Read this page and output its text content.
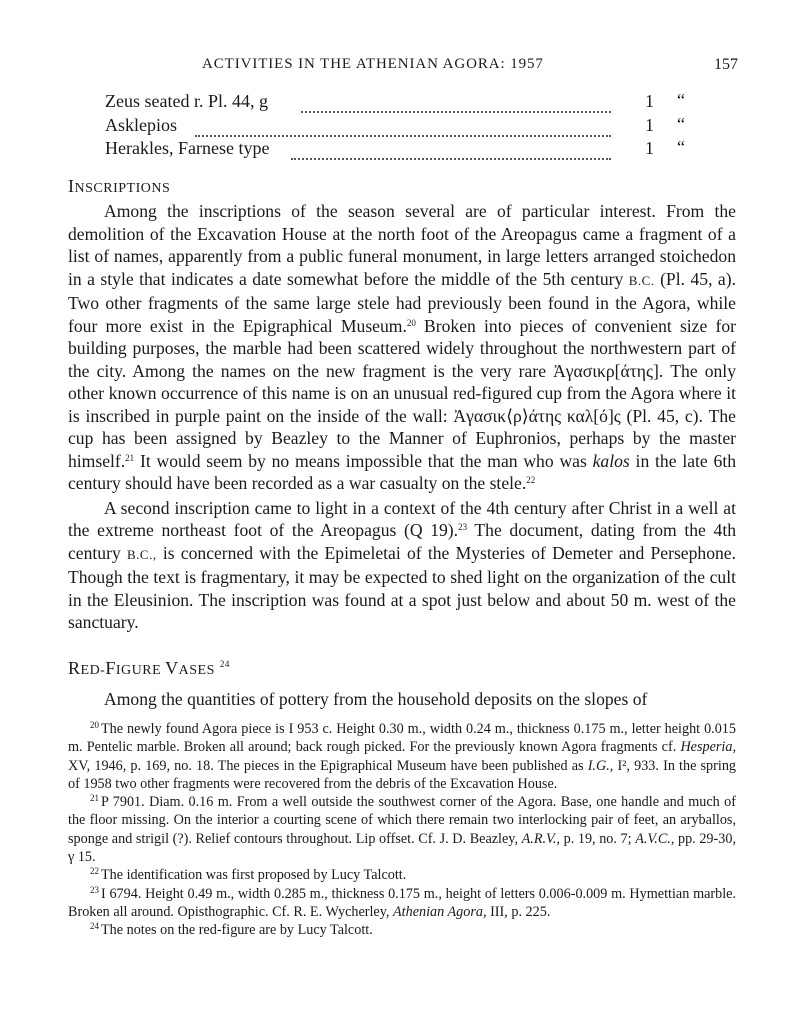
ACTIVITIES IN THE ATHENIAN AGORA: 1957	157
Zeus seated r. Pl. 44, g	1 “
Asklepios	1 “
Herakles, Farnese type	1 “
INSCRIPTIONS

Among the inscriptions of the season several are of particular interest. From the demolition of the Excavation House at the north foot of the Areopagus came a fragment of a list of names, apparently from a public funeral monument, in large letters arranged stoichedon in a style that indicates a date somewhat before the middle of the 5th century B.C. (Pl. 45, a). Two other fragments of the same large stele had previously been found in the Agora, while four more exist in the Epigraphical Museum.$^{20}$ Broken into pieces of convenient size for building purposes, the marble had been scattered widely throughout the northwestern part of the city. Among the names on the new fragment is the very rare Ἀγασικρ[άτης]. The only other known occurrence of this name is on an unusual red-figured cup from the Agora where it is inscribed in purple paint on the inside of the wall: Ἀγασικ⟨ρ⟩άτης καλ[ό]ς (Pl. 45, c). The cup has been assigned by Beazley to the Manner of Euphronios, perhaps by the master himself.$^{21}$ It would seem by no means impossible that the man who was kalos in the late 6th century should have been recorded as a war casualty on the stele.$^{22}$

A second inscription came to light in a context of the 4th century after Christ in a well at the extreme northeast foot of the Areopagus (Q 19).$^{23}$ The document, dating from the 4th century B.C., is concerned with the Epimeletai of the Mysteries of Demeter and Persephone. Though the text is fragmentary, it may be expected to shed light on the organization of the cult in the Eleusinion. The inscription was found at a spot just below and about 50 m. west of the sanctuary.

RED-FIGURE VASES $^{24}$

Among the quantities of pottery from the household deposits on the slopes of

$^{20}$ The newly found Agora piece is I 953 c. Height 0.30 m., width 0.24 m., thickness 0.175 m., letter height 0.015 m. Pentelic marble. Broken all around; back rough picked. For the previously known Agora fragments cf. Hesperia, XV, 1946, p. 169, no. 18. The pieces in the Epigraphical Museum have been published as I.G., I², 933. In the spring of 1958 two other fragments were recovered from the debris of the Excavation House.

$^{21}$ P 7901. Diam. 0.16 m. From a well outside the southwest corner of the Agora. Base, one handle and much of the floor missing. On the interior a courting scene of which there remain two interlocking pair of feet, an aryballos, sponge and strigil (?). Relief contours throughout. Lip offset. Cf. J. D. Beazley, A.R.V., p. 19, no. 7; A.V.C., pp. 29-30, γ 15.

$^{22}$ The identification was first proposed by Lucy Talcott.

$^{23}$ I 6794. Height 0.49 m., width 0.285 m., thickness 0.175 m., height of letters 0.006-0.009 m. Hymettian marble. Broken all around. Opisthographic. Cf. R. E. Wycherley, Athenian Agora, III, p. 225.

$^{24}$ The notes on the red-figure are by Lucy Talcott.
